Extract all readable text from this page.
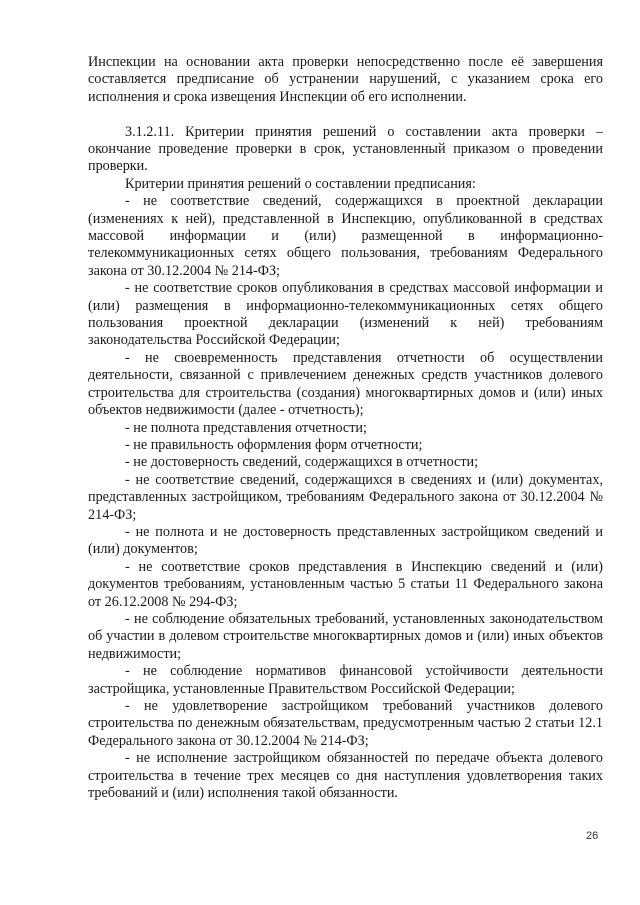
Инспекции на основании акта проверки непосредственно после её завершения составляется предписание об устранении нарушений, с указанием срока его исполнения и срока извещения Инспекции об его исполнении.

3.1.2.11. Критерии принятия решений о составлении акта проверки – окончание проведение проверки в срок, установленный приказом о проведении проверки.

Критерии принятия решений о составлении предписания:

- не соответствие сведений, содержащихся в проектной декларации (изменениях к ней), представленной в Инспекцию, опубликованной в средствах массовой информации и (или) размещенной в информационно-телекоммуникационных сетях общего пользования, требованиям Федерального закона от 30.12.2004 № 214-ФЗ;

- не соответствие сроков опубликования в средствах массовой информации и (или) размещения в информационно-телекоммуникационных сетях общего пользования проектной декларации (изменений к ней) требованиям законодательства Российской Федерации;

- не своевременность представления отчетности об осуществлении деятельности, связанной с привлечением денежных средств участников долевого строительства для строительства (создания) многоквартирных домов и (или) иных объектов недвижимости (далее - отчетность);

- не полнота представления отчетности;

- не правильность оформления форм отчетности;

- не достоверность сведений, содержащихся в отчетности;

- не соответствие сведений, содержащихся в сведениях и (или) документах, представленных застройщиком, требованиям Федерального закона от 30.12.2004 № 214-ФЗ;

- не полнота и не достоверность представленных застройщиком сведений и (или) документов;

- не соответствие сроков представления в Инспекцию сведений и (или) документов требованиям, установленным частью 5 статьи 11 Федерального закона от 26.12.2008 № 294-ФЗ;

- не соблюдение обязательных требований, установленных законодательством об участии в долевом строительстве многоквартирных домов и (или) иных объектов недвижимости;

- не соблюдение нормативов финансовой устойчивости деятельности застройщика, установленные Правительством Российской Федерации;

- не удовлетворение застройщиком требований участников долевого строительства по денежным обязательствам, предусмотренным частью 2 статьи 12.1 Федерального закона от 30.12.2004 № 214-ФЗ;

- не исполнение застройщиком обязанностей по передаче объекта долевого строительства в течение трех месяцев со дня наступления удовлетворения таких требований и (или) исполнения такой обязанности.

26
